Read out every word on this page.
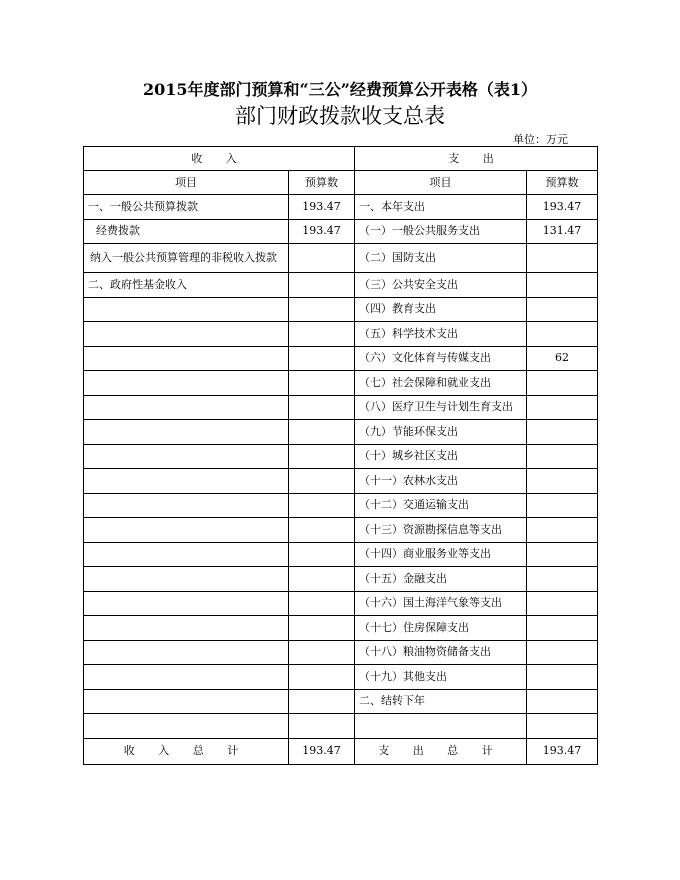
2015年度部门预算和“三公”经费预算公开表格（表1）
部门财政拨款收支总表
单位：万元
收 入		支 出	
项目	预算数	项目	预算数
一、一般公共预算拨款	193.47	一、本年支出	193.47
经费拨款	193.47	（一）一般公共服务支出	131.47
纳入一般公共预算管理的非税收入拨款		（二）国防支出	
二、政府性基金收入		（三）公共安全支出	
		（四）教育支出	
		（五）科学技术支出	
		（六）文化体育与传媒支出	62
		（七）社会保障和就业支出	
		（八）医疗卫生与计划生育支出	
		（九）节能环保支出	
		（十）城乡社区支出	
		（十一）农林水支出	
		（十二）交通运输支出	
		（十三）资源勘探信息等支出	
		（十四）商业服务业等支出	
		（十五）金融支出	
		（十六）国土海洋气象等支出	
		（十七）住房保障支出	
		（十八）粮油物资储备支出	
		（十九）其他支出	
		二、结转下年	

收 入 总 计	193.47	支 出 总 计	193.47
